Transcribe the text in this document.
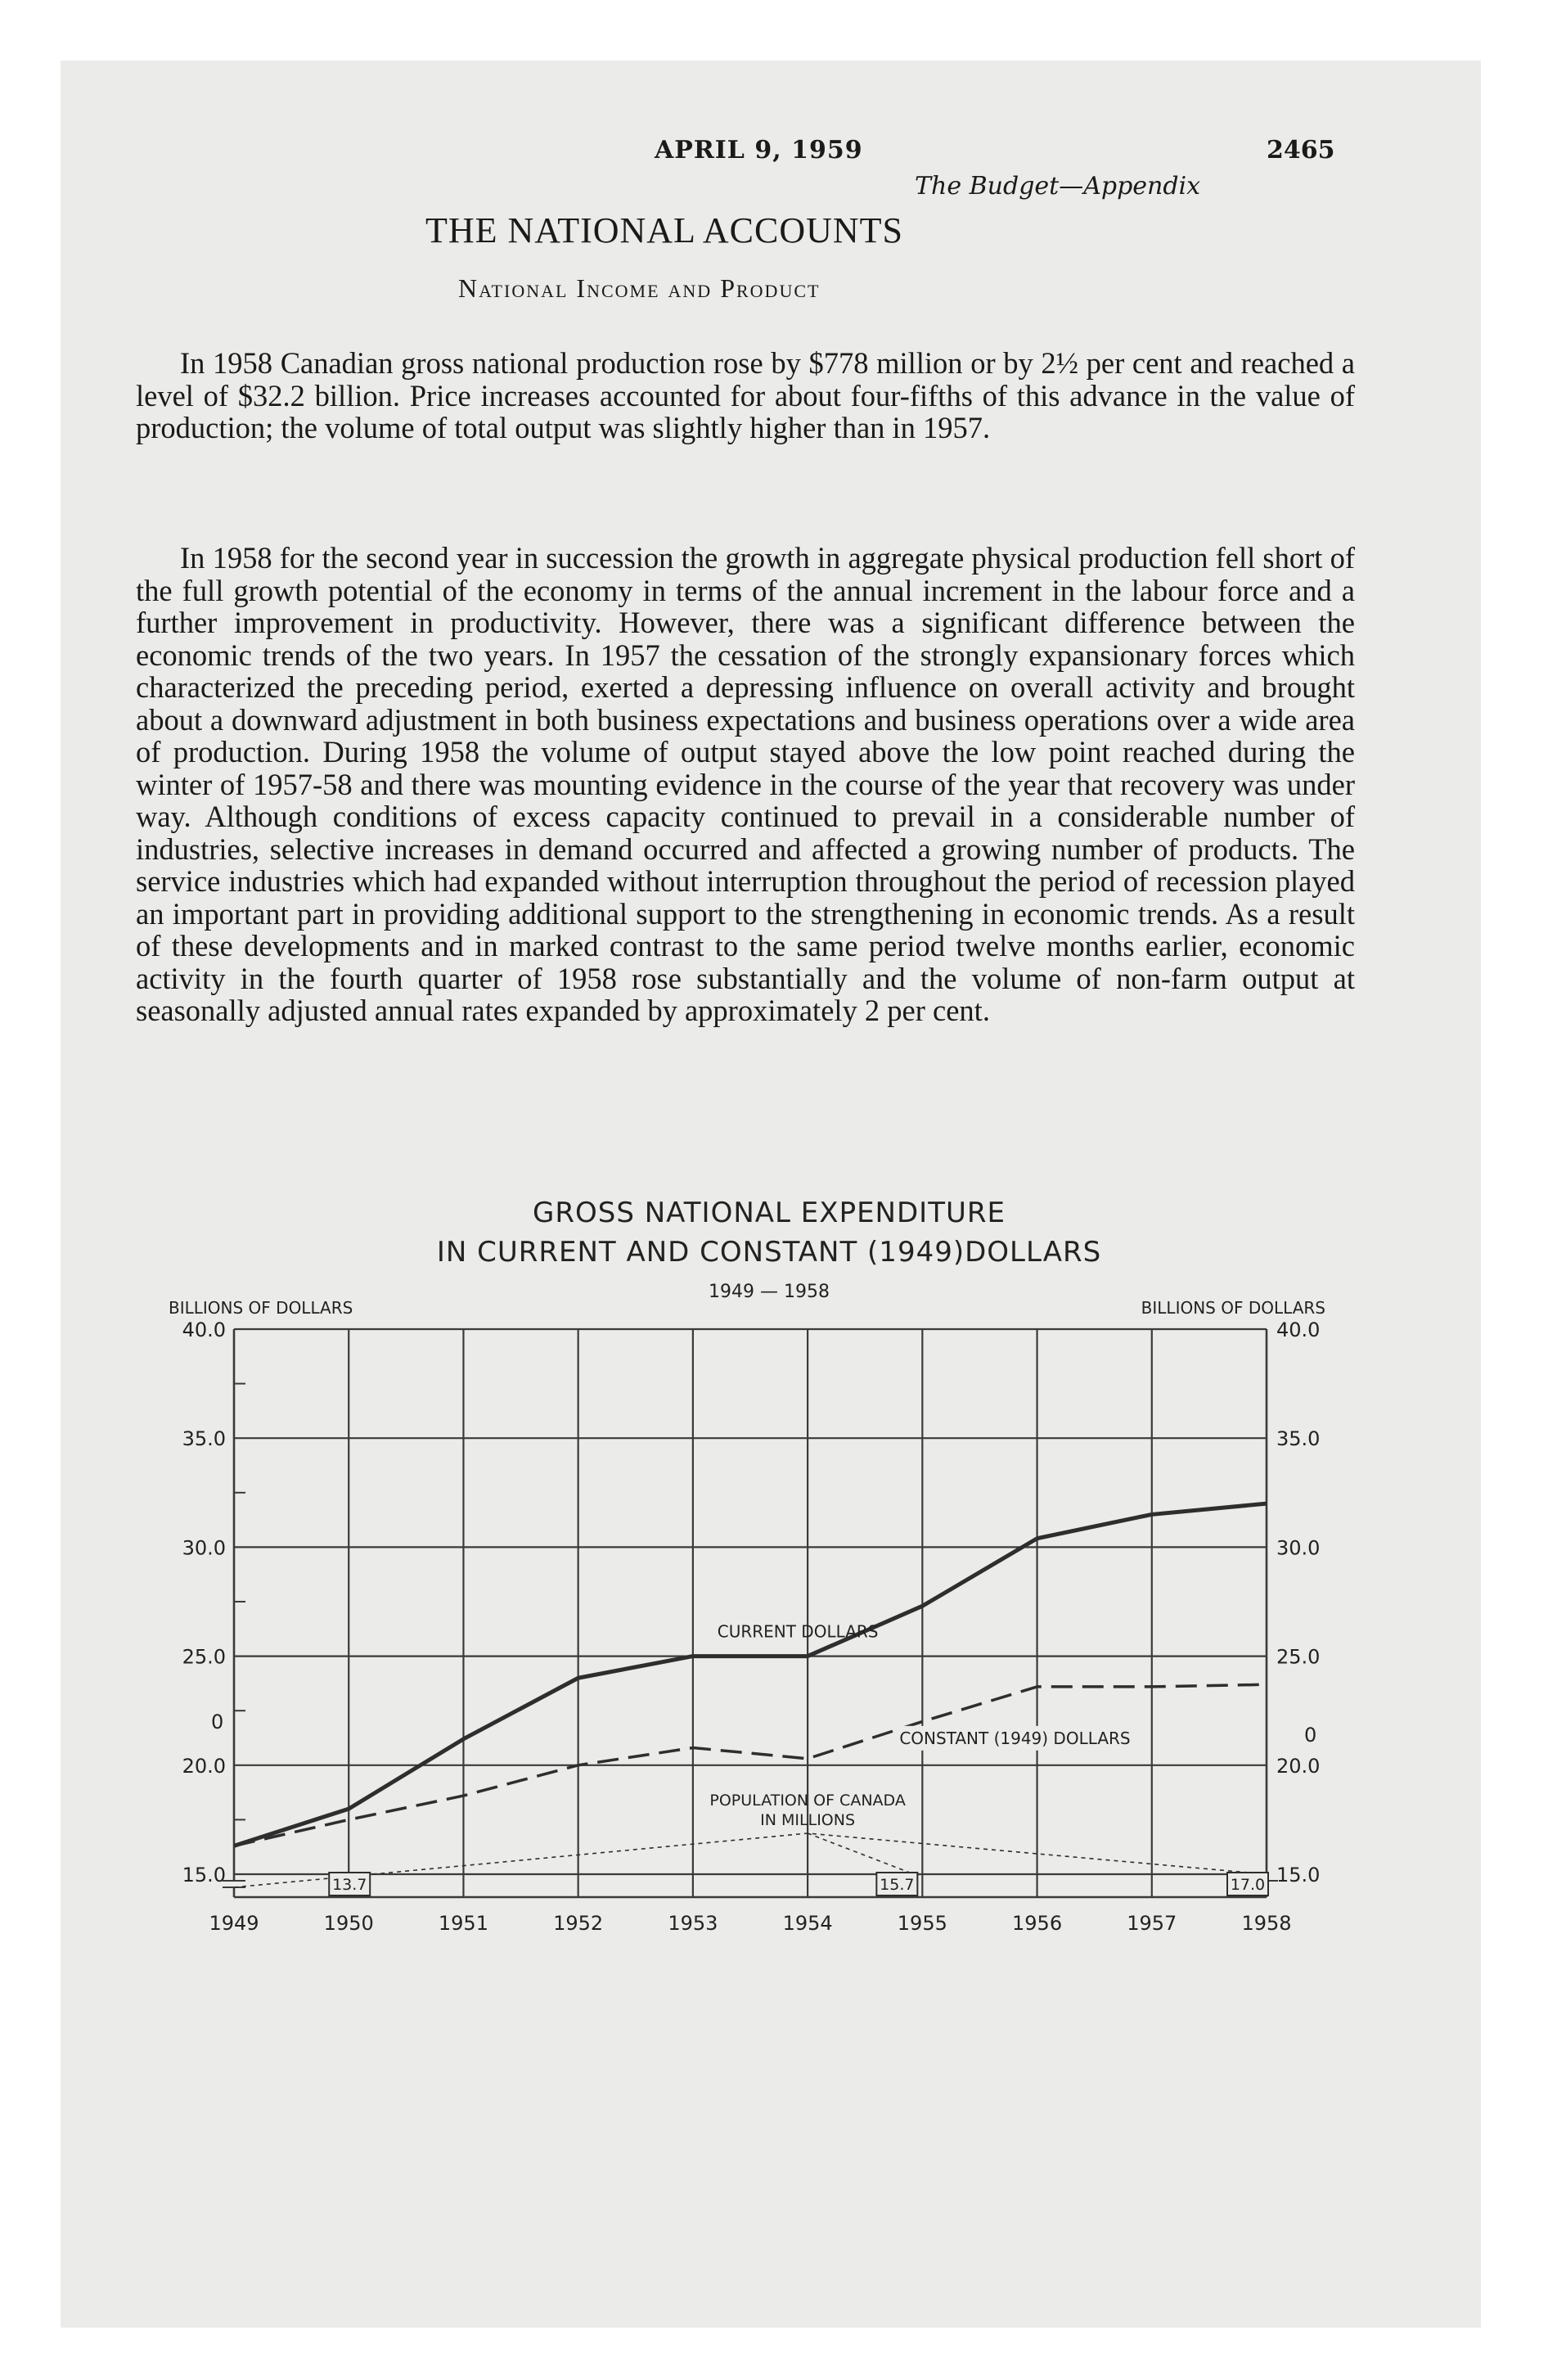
APRIL 9, 1959	2465
The Budget—Appendix
THE NATIONAL ACCOUNTS
National Income and Product

In 1958 Canadian gross national production rose by $778 million or by 2½ per cent and reached a level of $32.2 billion. Price increases accounted for about four-fifths of this advance in the value of production; the volume of total output was slightly higher than in 1957.

In 1958 for the second year in succession the growth in aggregate physical production fell short of the full growth potential of the economy in terms of the annual increment in the labour force and a further improvement in productivity. However, there was a significant difference between the economic trends of the two years. In 1957 the cessation of the strongly expansionary forces which characterized the preceding period, exerted a depressing influence on overall activity and brought about a downward adjustment in both business expectations and business operations over a wide area of production. During 1958 the volume of output stayed above the low point reached during the winter of 1957-58 and there was mounting evidence in the course of the year that recovery was under way. Although conditions of excess capacity continued to prevail in a considerable number of industries, selective increases in demand occurred and affected a growing number of products. The service industries which had expanded without interruption throughout the period of recession played an important part in providing additional support to the strengthening in economic trends. As a result of these developments and in marked contrast to the same period twelve months earlier, economic activity in the fourth quarter of 1958 rose substantially and the volume of non-farm output at seasonally adjusted annual rates expanded by approximately 2 per cent.

GROSS NATIONAL EXPENDITURE
IN CURRENT AND CONSTANT (1949)DOLLARS
1949 — 1958
BILLIONS OF DOLLARS	BILLIONS OF DOLLARS
0
0
13.7	15.7	17.0
POPULATION OF CANADA
IN MILLIONS
40.0	40.0
35.0	35.0
30.0	30.0
25.0	25.0
20.0	20.0
15.0	15.0
1949	1950	1951	1952	1953	1954	1955	1956	1957	1958
CURRENT DOLLARS
CONSTANT (1949) DOLLARS
